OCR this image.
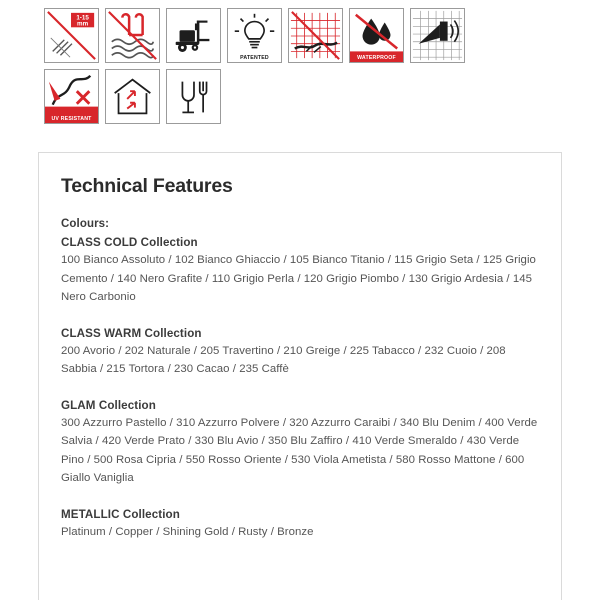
1-15
mm
PATENTED	WATERPROOF
UV RESISTANT
Technical Features
Colours:
CLASS COLD Collection

100 Bianco Assoluto / 102 Bianco Ghiaccio / 105 Bianco Titanio / 115 Grigio Seta / 125 Grigio Cemento / 140 Nero Grafite / 110 Grigio Perla / 120 Grigio Piombo / 130 Grigio Ardesia / 145 Nero Carbonio

CLASS WARM Collection

200 Avorio / 202 Naturale / 205 Travertino / 210 Greige / 225 Tabacco / 232 Cuoio / 208 Sabbia / 215 Tortora / 230 Cacao / 235 Caffè

GLAM Collection

300 Azzurro Pastello / 310 Azzurro Polvere / 320 Azzurro Caraibi / 340 Blu Denim / 400 Verde Salvia / 420 Verde Prato / 330 Blu Avio / 350 Blu Zaffiro / 410 Verde Smeraldo / 430 Verde Pino / 500 Rosa Cipria / 550 Rosso Oriente / 530 Viola Ametista / 580 Rosso Mattone / 600 Giallo Vaniglia

METALLIC Collection

Platinum / Copper / Shining Gold / Rusty / Bronze
